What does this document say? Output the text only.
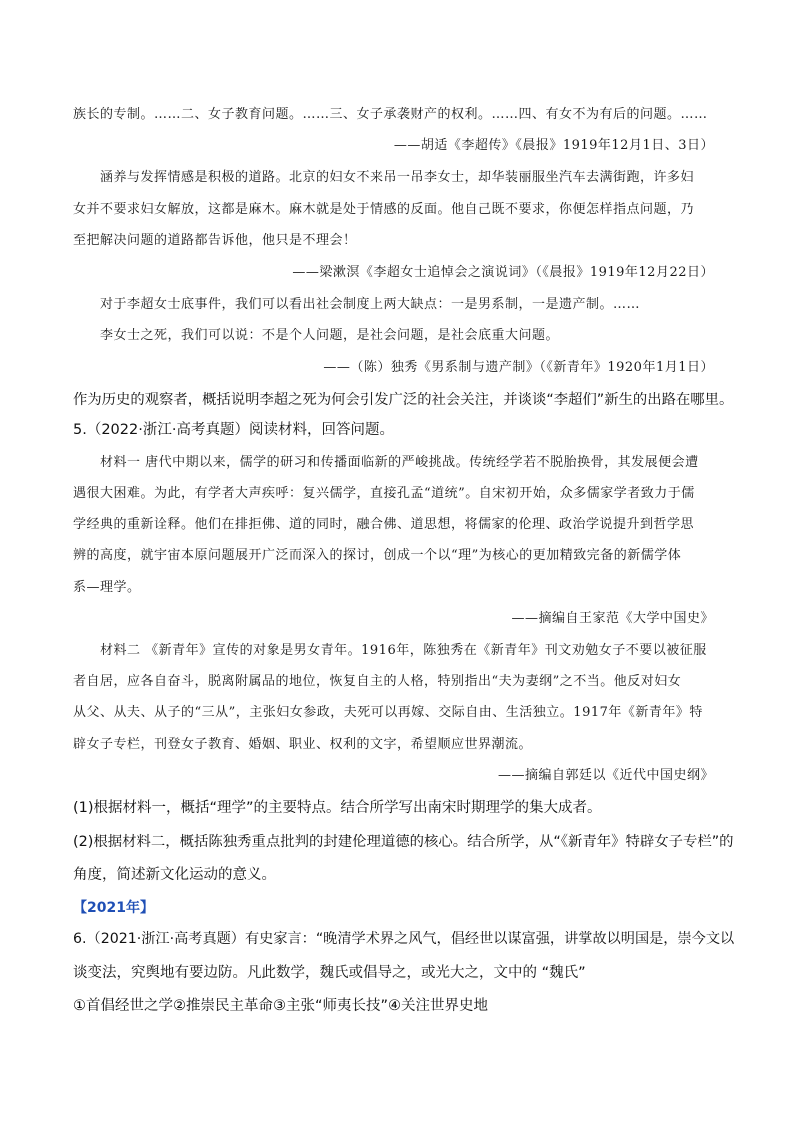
族长的专制。……二、女子教育问题。……三、女子承袭财产的权利。……四、有女不为有后的问题。……

——胡适《李超传》《晨报》1919年12月1日、3日）

涵养与发挥情感是积极的道路。北京的妇女不来吊一吊李女士，却华装丽服坐汽车去满街跑，许多妇

女并不要求妇女解放，这都是麻木。麻木就是处于情感的反面。他自己既不要求，你便怎样指点问题，乃

至把解决问题的道路都告诉他，他只是不理会！

——梁漱溟《李超女士追悼会之演说词》（《晨报》1919年12月22日）

对于李超女士底事件，我们可以看出社会制度上两大缺点：一是男系制，一是遗产制。……

李女士之死，我们可以说：不是个人问题，是社会问题，是社会底重大问题。

——（陈）独秀《男系制与遗产制》（《新青年》1920年1月1日）

作为历史的观察者，概括说明李超之死为何会引发广泛的社会关注，并谈谈“李超们”新生的出路在哪里。

5.（2022·浙江·高考真题）阅读材料，回答问题。

材料一 唐代中期以来，儒学的研习和传播面临新的严峻挑战。传统经学若不脱胎换骨，其发展便会遭

遇很大困难。为此，有学者大声疾呼：复兴儒学，直接孔孟“道统”。自宋初开始，众多儒家学者致力于儒

学经典的重新诠释。他们在排拒佛、道的同时，融合佛、道思想，将儒家的伦理、政治学说提升到哲学思

辨的高度，就宇宙本原问题展开广泛而深入的探讨，创成一个以“理”为核心的更加精致完备的新儒学体

系—理学。

——摘编自王家范《大学中国史》

材料二 《新青年》宣传的对象是男女青年。1916年，陈独秀在《新青年》刊文劝勉女子不要以被征服

者自居，应各自奋斗，脱离附属品的地位，恢复自主的人格，特别指出“夫为妻纲”之不当。他反对妇女

从父、从夫、从子的“三从”，主张妇女参政，夫死可以再嫁、交际自由、生活独立。1917年《新青年》特

辟女子专栏，刊登女子教育、婚姻、职业、权利的文字，希望顺应世界潮流。

——摘编自郭廷以《近代中国史纲》

(1)根据材料一，概括“理学”的主要特点。结合所学写出南宋时期理学的集大成者。

(2)根据材料二，概括陈独秀重点批判的封建伦理道德的核心。结合所学，从“《新青年》特辟女子专栏”的

角度，简述新文化运动的意义。

【2021年】

6.（2021·浙江·高考真题）有史家言：“晚清学术界之风气，倡经世以谋富强，讲掌故以明国是，崇今文以

谈变法，究舆地有要边防。凡此数学，魏氏或倡导之，或光大之，文中的 “魏氏”

①首倡经世之学②推崇民主革命③主张“师夷长技”④关注世界史地
